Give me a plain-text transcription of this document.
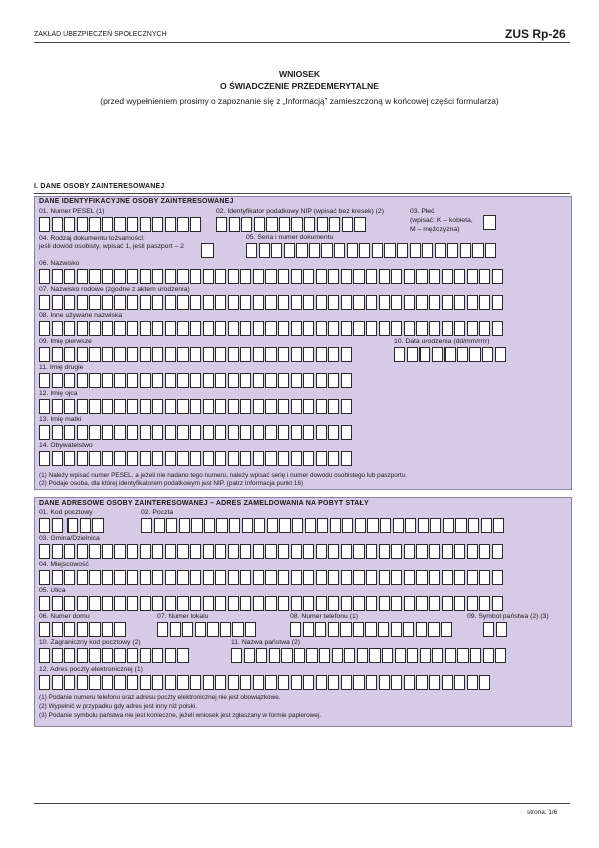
ZAKŁAD UBEZPIECZEŃ SPOŁECZNYCH	ZUS Rp-26
WNIOSEK
O ŚWIADCZENIE PRZEDEMERYTALNE
(przed wypełnieniem prosimy o zapoznanie się z „Informacją” zamieszczoną w końcowej części formularza)
I. DANE OSOBY ZAINTERESOWANEJ
DANE IDENTYFIKACYJNE OSOBY ZAINTERESOWANEJ
01. Numer PESEL (1)	02. Identyfikator podatkowy NIP (wpisać bez kresek) (2)	03. Płeć
(wpisać: K – kobieta,
M – mężczyzna)
04. Rodzaj dokumentu tożsamości:
jeśli dowód osobisty, wpisać 1, jeśli paszport – 2
05. Seria i numer dokumentu
06. Nazwisko
07. Nazwisko rodowe (zgodne z aktem urodzenia)
08. Inne używane nazwiska
09. Imię pierwsze	10. Data urodzenia (dd/mm/rrrr)
11. Imię drugie
12. Imię ojca
13. Imię matki
14. Obywatelstwo
(1) Należy wpisać numer PESEL, a jeżeli nie nadano tego numeru, należy wpisać serię i numer dowodu osobistego lub paszportu.
(2) Podaje osoba, dla której identyfikatorem podatkowym jest NIP. (patrz Informacja punkt 16)
DANE ADRESOWE OSOBY ZAINTERESOWANEJ – ADRES ZAMELDOWANIA NA POBYT STAŁY
01. Kod pocztowy	02. Poczta
03. Gmina/Dzielnica
04. Miejscowość
05. Ulica
06. Numer domu	07. Numer lokalu	08. Numer telefonu (1)	09. Symbol państwa (2) (3)
10. Zagraniczny kod pocztowy (2)	11. Nazwa państwa (2)
12. Adres poczty elektronicznej (1)
(1) Podanie numeru telefonu oraz adresu poczty elektronicznej nie jest obowiązkowe.
(2) Wypełnić w przypadku gdy adres jest inny niż polski.
(3) Podanie symbolu państwa nie jest konieczne, jeżeli wniosek jest zgłaszany w formie papierowej.
strona: 1/6
